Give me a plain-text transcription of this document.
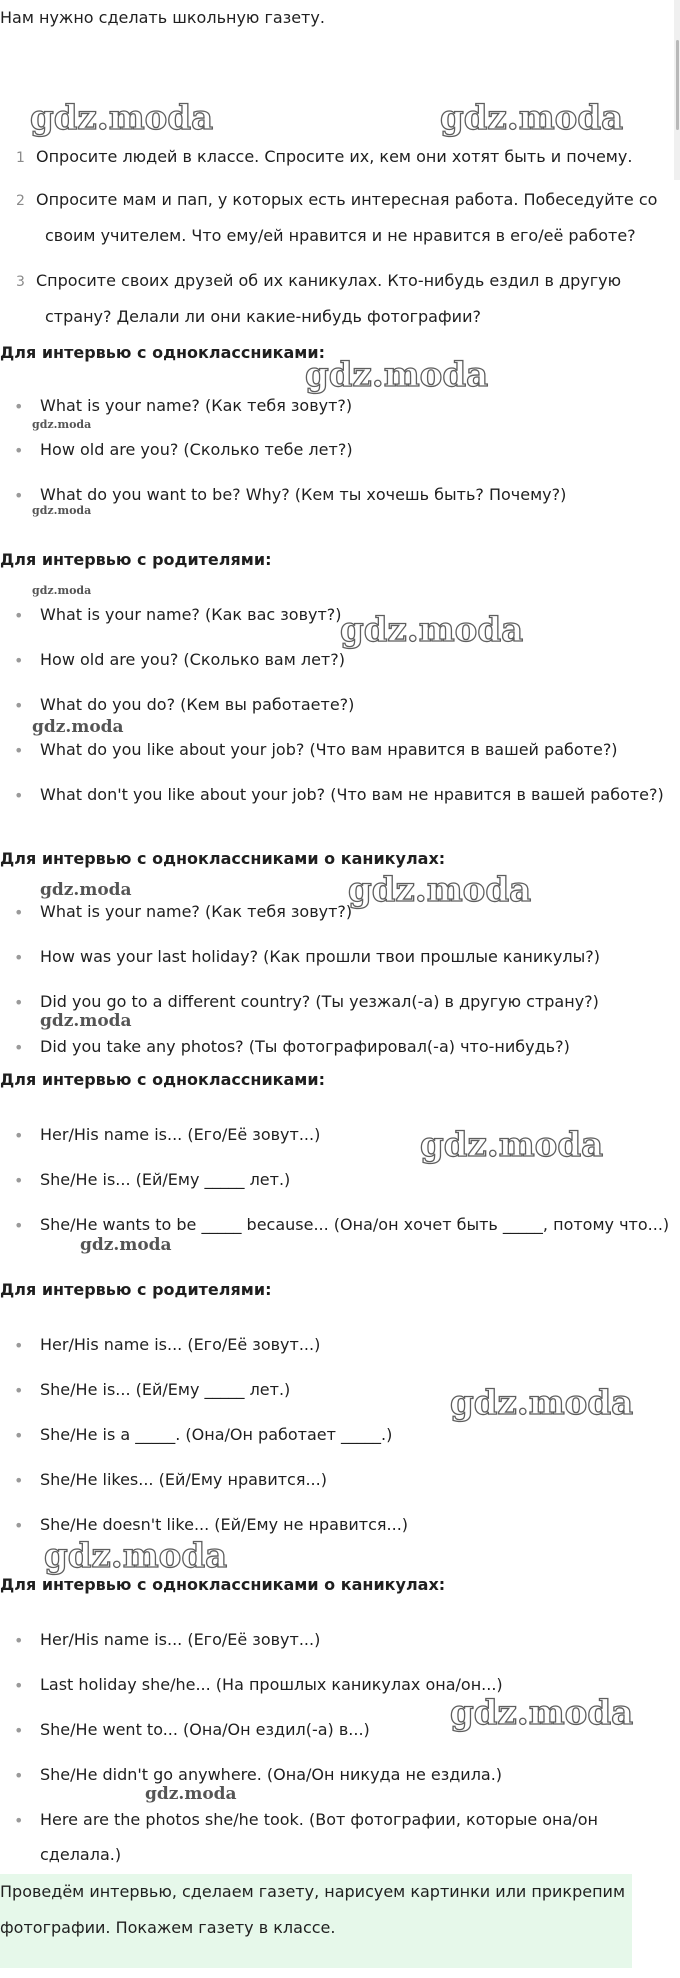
Нам нужно сделать школьную газету.
gdz.moda	gdz.moda
1 Опросите людей в классе. Спросите их, кем они хотят быть и почему.
2 Опросите мам и пап, у которых есть интересная работа. Побеседуйте со
своим учителем. Что ему/ей нравится и не нравится в его/её работе?
3 Спросите своих друзей об их каникулах. Кто-нибудь ездил в другую
страну? Делали ли они какие-нибудь фотографии?
Для интервью с одноклассниками:
gdz.moda
• What is your name? (Как тебя зовут?)
gdz.moda
• How old are you? (Сколько тебе лет?)
• What do you want to be? Why? (Кем ты хочешь быть? Почему?)
gdz.moda
Для интервью с родителями:
gdz.moda
• What is your name? (Как вас зовут?)
gdz.moda
• How old are you? (Сколько вам лет?)
• What do you do? (Кем вы работаете?)
gdz.moda
• What do you like about your job? (Что вам нравится в вашей работе?)
• What don't you like about your job? (Что вам не нравится в вашей работе?)
Для интервью с одноклассниками о каникулах:
gdz.moda	gdz.moda
• What is your name? (Как тебя зовут?)
• How was your last holiday? (Как прошли твои прошлые каникулы?)
• Did you go to a different country? (Ты уезжал(-а) в другую страну?)
gdz.moda
• Did you take any photos? (Ты фотографировал(-а) что-нибудь?)
Для интервью с одноклассниками:
gdz.moda
• Her/His name is... (Его/Её зовут...)
• She/He is... (Ей/Ему _____ лет.)
• She/He wants to be _____ because... (Она/он хочет быть _____, потому что...)
gdz.moda
Для интервью с родителями:
• Her/His name is... (Его/Её зовут...)
• She/He is... (Ей/Ему _____ лет.)	gdz.moda
• She/He is a _____. (Она/Он работает _____.)
• She/He likes... (Ей/Ему нравится...)
• She/He doesn't like... (Ей/Ему не нравится...)
gdz.moda
Для интервью с одноклассниками о каникулах:
• Her/His name is... (Его/Её зовут...)
• Last holiday she/he... (На прошлых каникулах она/он...)
• She/He went to... (Она/Он ездил(-а) в...) gdz.moda
• She/He didn't go anywhere. (Она/Он никуда не ездила.)
gdz.moda
• Here are the photos she/he took. (Вот фотографии, которые она/он
сделала.)
Проведём интервью, сделаем газету, нарисуем картинки или прикрепим
фотографии. Покажем газету в классе.
